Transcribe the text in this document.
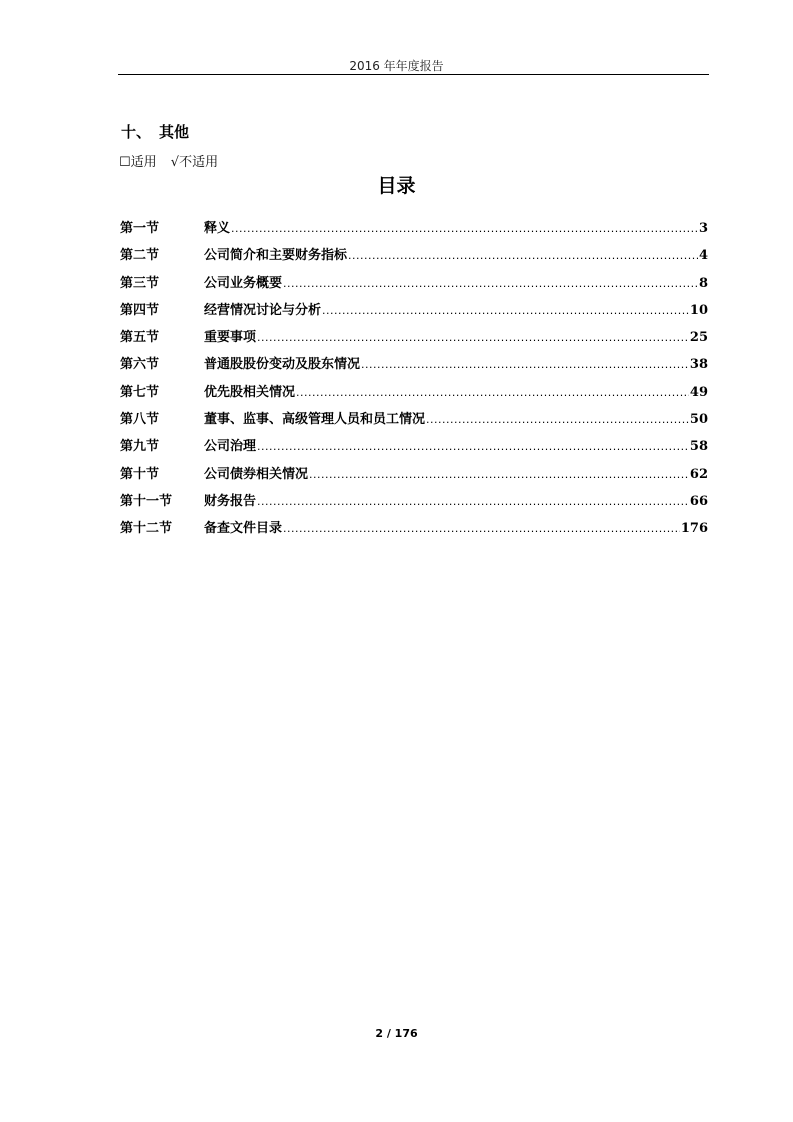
2016 年年度报告
十、 其他
☐适用 √不适用
目录
第一节	释义 .....	3
第二节	公司简介和主要财务指标 .....	4
第三节	公司业务概要 .....	8
第四节	经营情况讨论与分析 .....	10
第五节	重要事项 .....	25
第六节	普通股股份变动及股东情况 .....	38
第七节	优先股相关情况 .....	49
第八节	董事、监事、高级管理人员和员工情况 .....	50
第九节	公司治理 .....	58
第十节	公司债券相关情况 .....	62
第十一节	财务报告 .....	66
第十二节	备查文件目录 .....	176
2 / 176
